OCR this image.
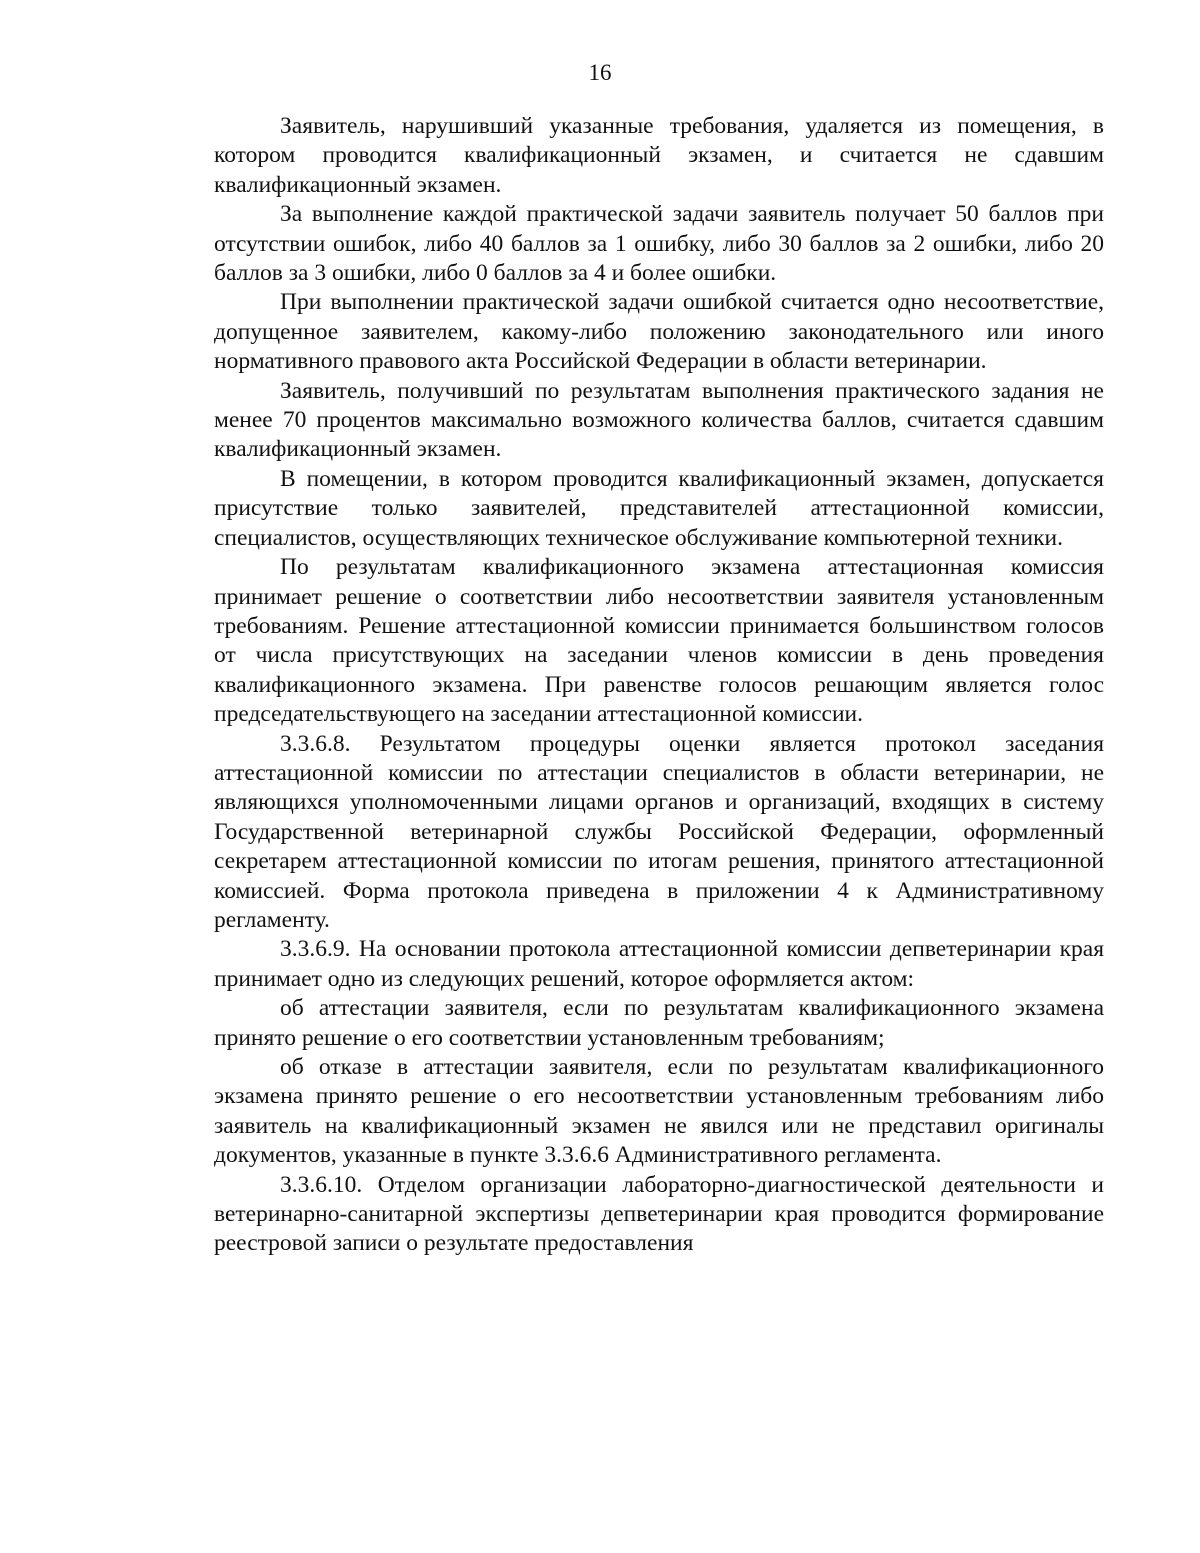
16

Заявитель, нарушивший указанные требования, удаляется из помещения, в котором проводится квалификационный экзамен, и считается не сдавшим квалификационный экзамен.

За выполнение каждой практической задачи заявитель получает 50 баллов при отсутствии ошибок, либо 40 баллов за 1 ошибку, либо 30 баллов за 2 ошибки, либо 20 баллов за 3 ошибки, либо 0 баллов за 4 и более ошибки.

При выполнении практической задачи ошибкой считается одно несоответствие, допущенное заявителем, какому-либо положению законодательного или иного нормативного правового акта Российской Федерации в области ветеринарии.

Заявитель, получивший по результатам выполнения практического задания не менее 70 процентов максимально возможного количества баллов, считается сдавшим квалификационный экзамен.

В помещении, в котором проводится квалификационный экзамен, допускается присутствие только заявителей, представителей аттестационной комиссии, специалистов, осуществляющих техническое обслуживание компьютерной техники.

По результатам квалификационного экзамена аттестационная комиссия принимает решение о соответствии либо несоответствии заявителя установленным требованиям. Решение аттестационной комиссии принимается большинством голосов от числа присутствующих на заседании членов комиссии в день проведения квалификационного экзамена. При равенстве голосов решающим является голос председательствующего на заседании аттестационной комиссии.

3.3.6.8. Результатом процедуры оценки является протокол заседания аттестационной комиссии по аттестации специалистов в области ветеринарии, не являющихся уполномоченными лицами органов и организаций, входящих в систему Государственной ветеринарной службы Российской Федерации, оформленный секретарем аттестационной комиссии по итогам решения, принятого аттестационной комиссией. Форма протокола приведена в приложении 4 к Административному регламенту.

3.3.6.9. На основании протокола аттестационной комиссии депветеринарии края принимает одно из следующих решений, которое оформляется актом:

об аттестации заявителя, если по результатам квалификационного экзамена принято решение о его соответствии установленным требованиям;

об отказе в аттестации заявителя, если по результатам квалификационного экзамена принято решение о его несоответствии установленным требованиям либо заявитель на квалификационный экзамен не явился или не представил оригиналы документов, указанные в пункте 3.3.6.6 Административного регламента.

3.3.6.10. Отделом организации лабораторно-диагностической деятельности и ветеринарно-санитарной экспертизы депветеринарии края проводится формирование реестровой записи о результате предоставления
